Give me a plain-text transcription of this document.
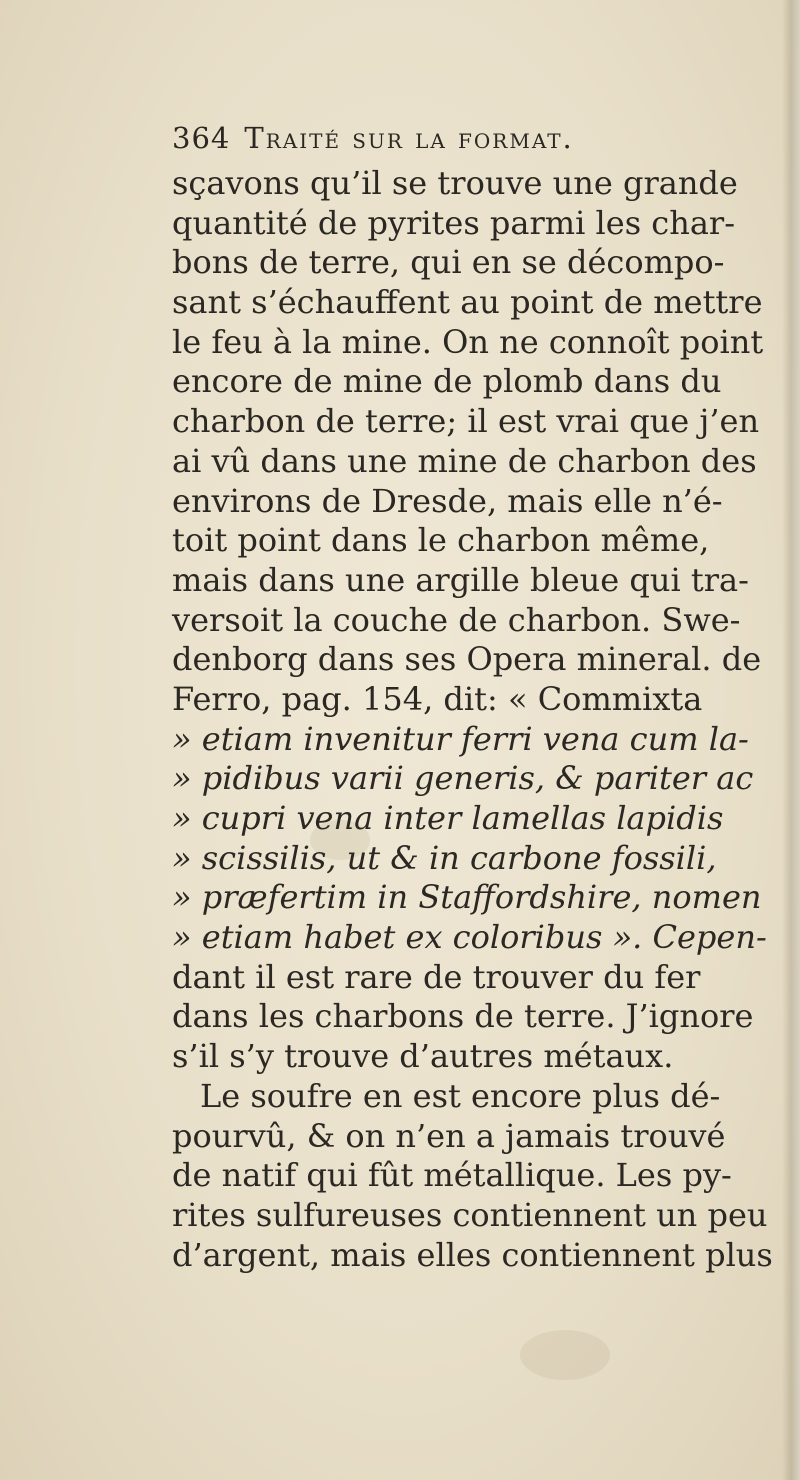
364 Traité sur la format.
sçavons qu’il se trouve une grande
quantité de pyrites parmi les char-
bons de terre, qui en se décompo-
sant s’échauffent au point de mettre
le feu à la mine. On ne connoît point
encore de mine de plomb dans du
charbon de terre; il est vrai que j’en
ai vû dans une mine de charbon des
environs de Dresde, mais elle n’é-
toit point dans le charbon même,
mais dans une argille bleue qui tra-
versoit la couche de charbon. Swe-
denborg dans ses Opera mineral. de
Ferro, pag. 154, dit: « Commixta
» etiam invenitur ferri vena cum la-
» pidibus varii generis, & pariter ac
» cupri vena inter lamellas lapidis
» scissilis, ut & in carbone fossili,
» præfertim in Staffordshire, nomen
» etiam habet ex coloribus ». Cepen-
dant il est rare de trouver du fer
dans les charbons de terre. J’ignore
s’il s’y trouve d’autres métaux.
Le soufre en est encore plus dé-
pourvû, & on n’en a jamais trouvé
de natif qui fût métallique. Les py-
rites sulfureuses contiennent un peu
d’argent, mais elles contiennent plus
